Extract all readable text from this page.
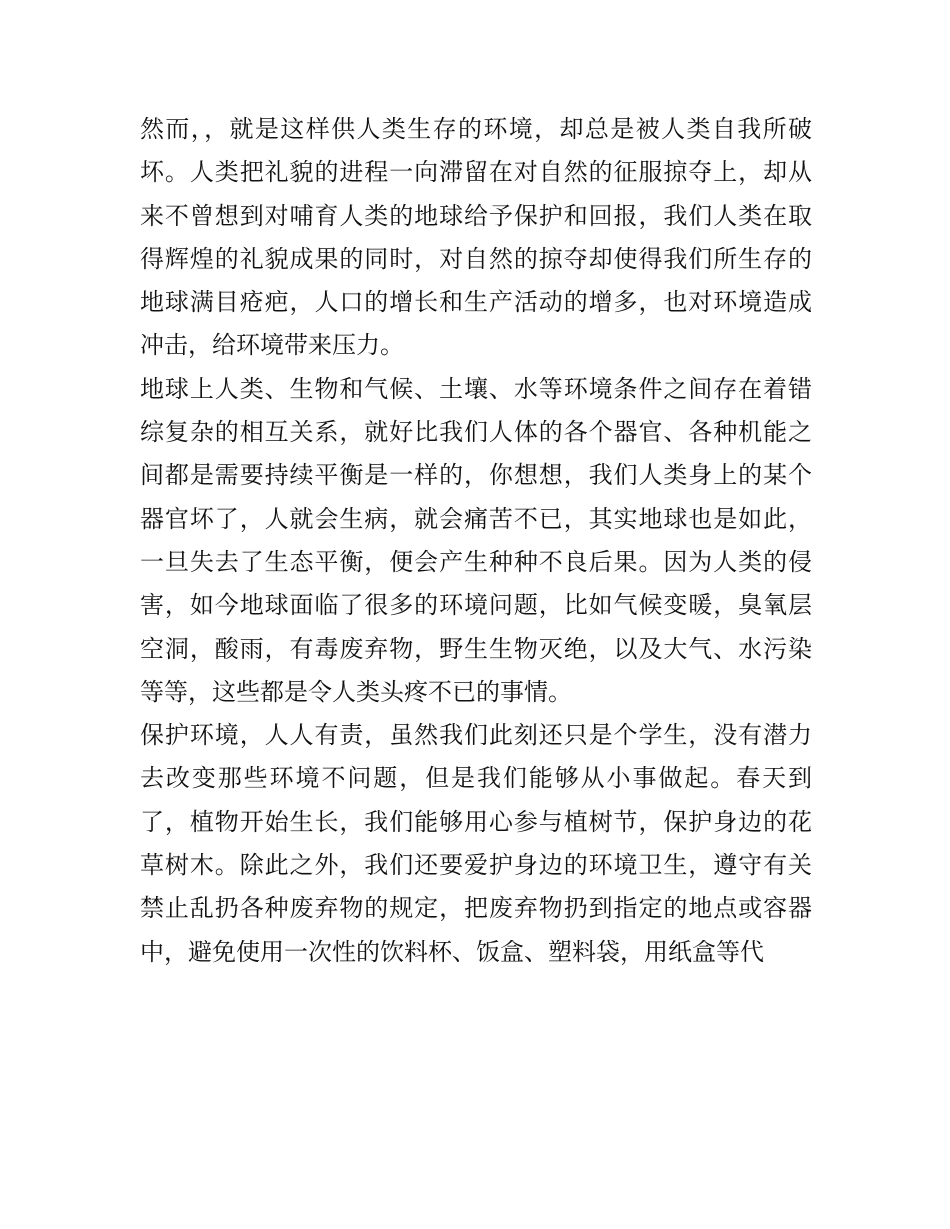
然而，，就是这样供人类生存的环境，却总是被人类自我所破
坏。人类把礼貌的进程一向滞留在对自然的征服掠夺上，却从
来不曾想到对哺育人类的地球给予保护和回报，我们人类在取
得辉煌的礼貌成果的同时，对自然的掠夺却使得我们所生存的
地球满目疮疤，人口的增长和生产活动的增多，也对环境造成
冲击，给环境带来压力。
地球上人类、生物和气候、土壤、水等环境条件之间存在着错
综复杂的相互关系，就好比我们人体的各个器官、各种机能之
间都是需要持续平衡是一样的，你想想，我们人类身上的某个
器官坏了，人就会生病，就会痛苦不已，其实地球也是如此，
一旦失去了生态平衡，便会产生种种不良后果。因为人类的侵
害，如今地球面临了很多的环境问题，比如气候变暖，臭氧层
空洞，酸雨，有毒废弃物，野生生物灭绝，以及大气、水污染
等等，这些都是令人类头疼不已的事情。
保护环境，人人有责，虽然我们此刻还只是个学生，没有潜力
去改变那些环境不问题，但是我们能够从小事做起。春天到
了，植物开始生长，我们能够用心参与植树节，保护身边的花
草树木。除此之外，我们还要爱护身边的环境卫生，遵守有关
禁止乱扔各种废弃物的规定，把废弃物扔到指定的地点或容器
中，避免使用一次性的饮料杯、饭盒、塑料袋，用纸盒等代
